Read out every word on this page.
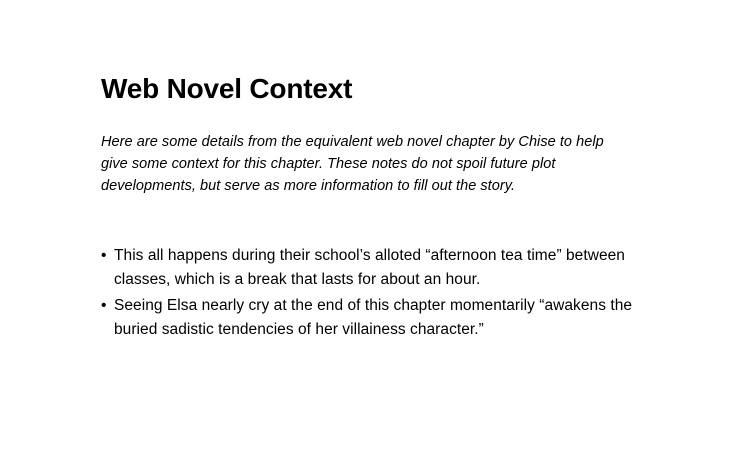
Web Novel Context

Here are some details from the equivalent web novel chapter by Chise to help give some context for this chapter. These notes do not spoil future plot developments, but serve as more information to fill out the story.

• This all happens during their school’s alloted “afternoon tea time” between classes, which is a break that lasts for about an hour.
• Seeing Elsa nearly cry at the end of this chapter momentarily “awakens the buried sadistic tendencies of her villainess character.”
